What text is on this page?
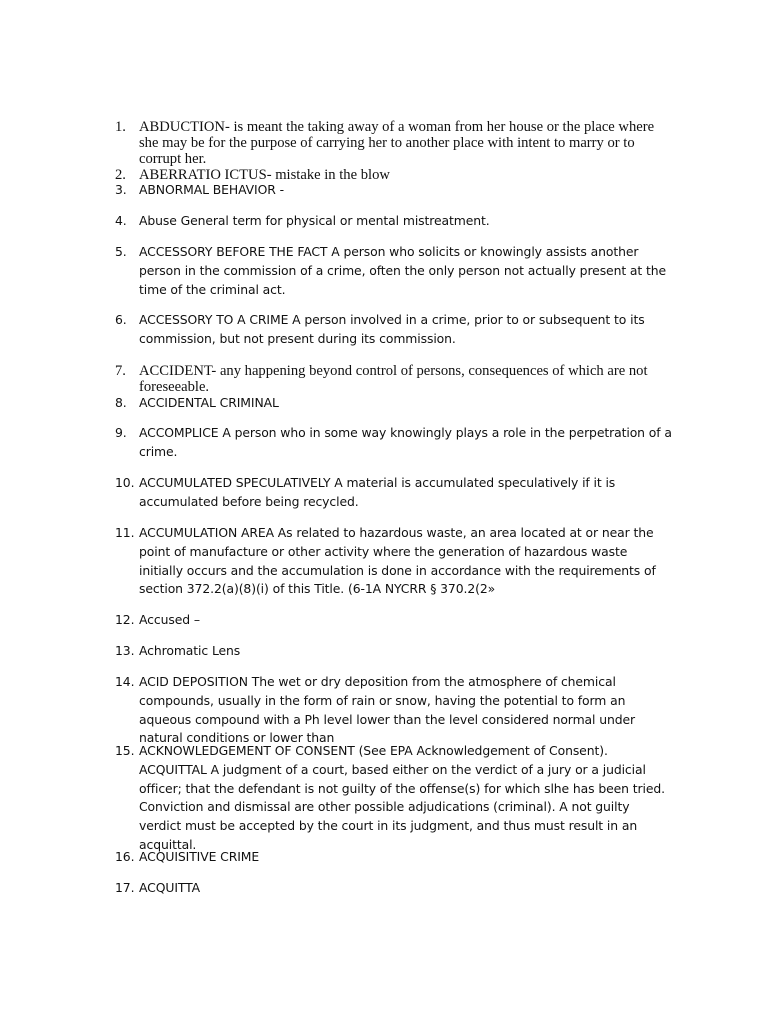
1. ABDUCTION- is meant the taking away of a woman from her house or the place where she may be for the purpose of carrying her to another place with intent to marry or to corrupt her.
2. ABERRATIO ICTUS- mistake in the blow
3. ABNORMAL BEHAVIOR -
4. Abuse General term for physical or mental mistreatment.
5. ACCESSORY BEFORE THE FACT A person who solicits or knowingly assists another person in the commission of a crime, often the only person not actually present at the time of the criminal act.
6. ACCESSORY TO A CRIME A person involved in a crime, prior to or subsequent to its commission, but not present during its commission.
7. ACCIDENT- any happening beyond control of persons, consequences of which are not foreseeable.
8. ACCIDENTAL CRIMINAL
9. ACCOMPLICE A person who in some way knowingly plays a role in the perpetration of a crime.
10. ACCUMULATED SPECULATIVELY A material is accumulated speculatively if it is accumulated before being recycled.
11. ACCUMULATION AREA As related to hazardous waste, an area located at or near the point of manufacture or other activity where the generation of hazardous waste initially occurs and the accumulation is done in accordance with the requirements of section 372.2(a)(8)(i) of this Title. (6-1A NYCRR § 370.2(2»
12. Accused –
13. Achromatic Lens
14. ACID DEPOSITION The wet or dry deposition from the atmosphere of chemical compounds, usually in the form of rain or snow, having the potential to form an aqueous compound with a Ph level lower than the level considered normal under natural conditions or lower than
15. ACKNOWLEDGEMENT OF CONSENT (See EPA Acknowledgement of Consent). ACQUITTAL A judgment of a court, based either on the verdict of a jury or a judicial officer; that the defendant is not guilty of the offense(s) for which slhe has been tried. Conviction and dismissal are other possible adjudications (criminal). A not guilty verdict must be accepted by the court in its judgment, and thus must result in an acquittal.
16. ACQUISITIVE CRIME
17. ACQUITTA
